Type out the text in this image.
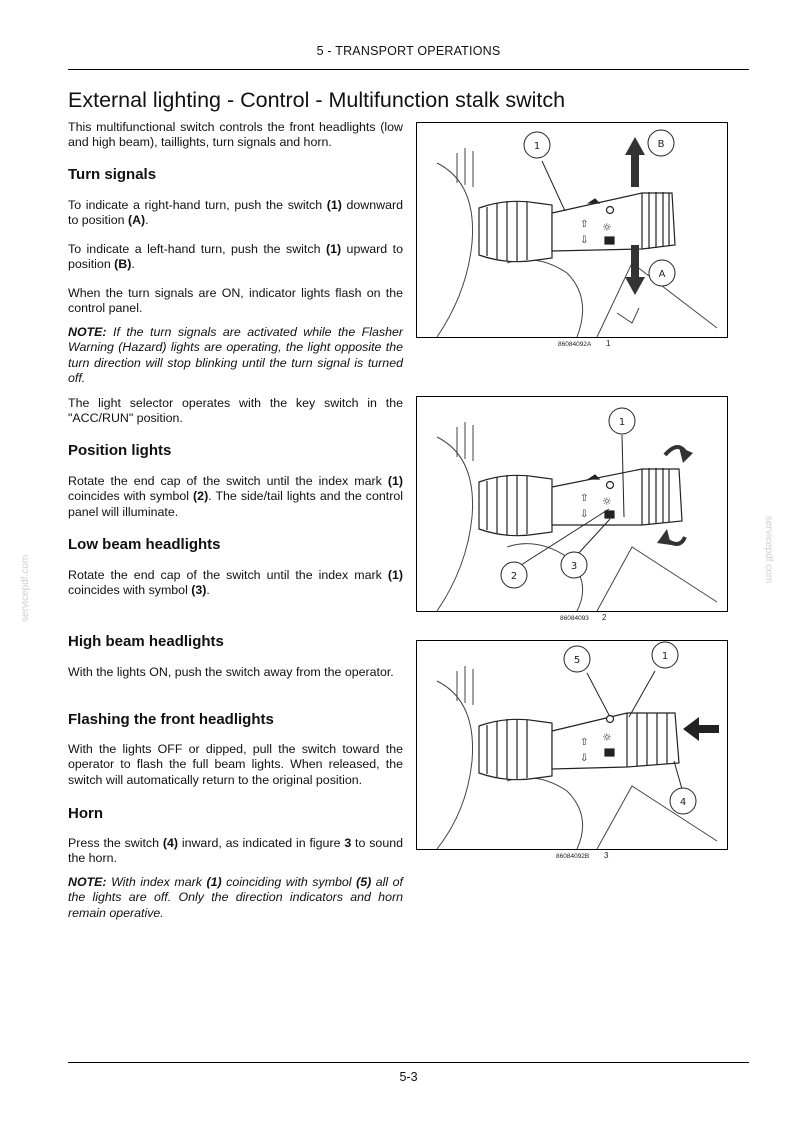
5 - TRANSPORT OPERATIONS
External lighting - Control - Multifunction stalk switch
servicepdf.com
servicepdf.com

This multifunctional switch controls the front headlights (low and high beam), taillights, turn signals and horn.

Turn signals

To indicate a right-hand turn, push the switch (1) downward to position (A).

To indicate a left-hand turn, push the switch (1) upward to position (B).

When the turn signals are ON, indicator lights flash on the control panel.

NOTE: If the turn signals are activated while the Flasher Warning (Hazard) lights are operating, the light opposite the turn direction will stop blinking until the turn signal is turned off.

The light selector operates with the key switch in the "ACC/RUN" position.

Position lights

Rotate the end cap of the switch until the index mark (1) coincides with symbol (2). The side/tail lights and the control panel will illuminate.

Low beam headlights

Rotate the end cap of the switch until the index mark (1) coincides with symbol (3).

High beam headlights

With the lights ON, push the switch away from the operator.

Flashing the front headlights

With the lights OFF or dipped, pull the switch toward the operator to flash the full beam lights. When released, the switch will automatically return to the original position.

Horn

Press the switch (4) inward, as indicated in figure 3 to sound the horn.

NOTE: With index mark (1) coinciding with symbol (5) all of the lights are off. Only the direction indicators and horn remain operative.

⇧
⇩
☼
1	B
A
86084092A 1
⇧
⇩
☼
1
2
3
86084093 2
⇧
⇩
☼
5	1
4
86084092B 3
5-3
